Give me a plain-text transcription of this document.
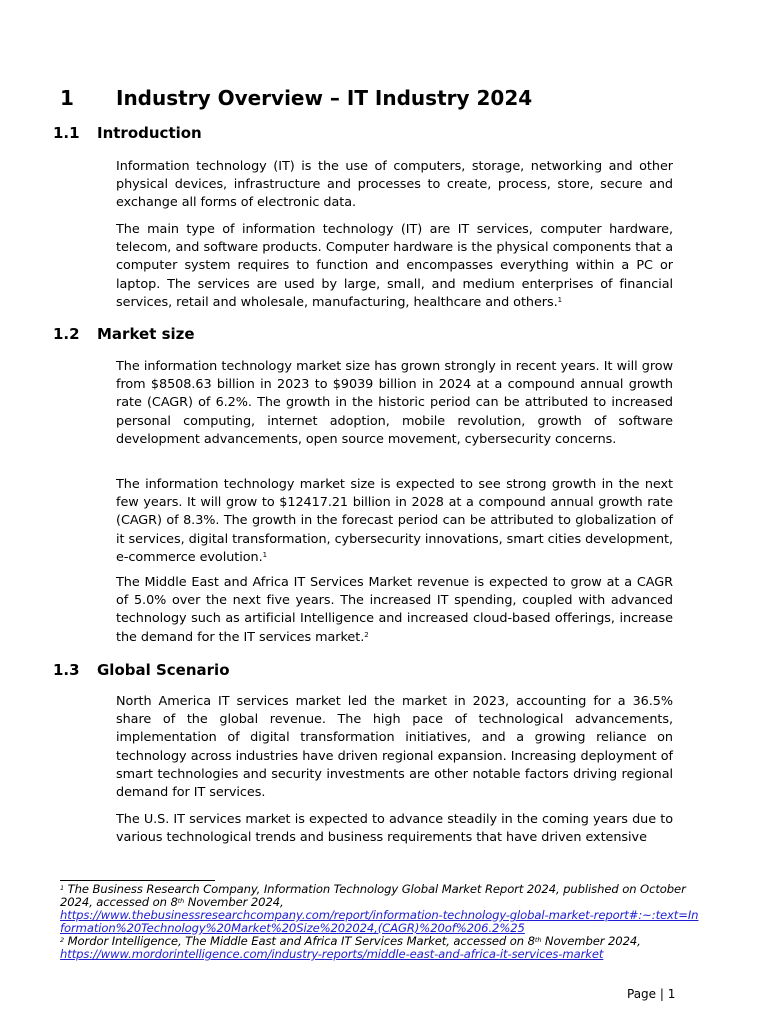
1 Industry Overview – IT Industry 2024
1.1 Introduction

Information technology (IT) is the use of computers, storage, networking and other physical devices, infrastructure and processes to create, process, store, secure and exchange all forms of electronic data.

The main type of information technology (IT) are IT services, computer hardware, telecom, and software products. Computer hardware is the physical components that a computer system requires to function and encompasses everything within a PC or laptop. The services are used by large, small, and medium enterprises of financial services, retail and wholesale, manufacturing, healthcare and others.$^1$

1.2 Market size

The information technology market size has grown strongly in recent years. It will grow from $8508.63 billion in 2023 to $9039 billion in 2024 at a compound annual growth rate (CAGR) of 6.2%. The growth in the historic period can be attributed to increased personal computing, internet adoption, mobile revolution, growth of software development advancements, open source movement, cybersecurity concerns.

The information technology market size is expected to see strong growth in the next few years. It will grow to $12417.21 billion in 2028 at a compound annual growth rate (CAGR) of 8.3%. The growth in the forecast period can be attributed to globalization of it services, digital transformation, cybersecurity innovations, smart cities development, e-commerce evolution.$^1$

The Middle East and Africa IT Services Market revenue is expected to grow at a CAGR of 5.0% over the next five years. The increased IT spending, coupled with advanced technology such as artificial Intelligence and increased cloud-based offerings, increase the demand for the IT services market.$^2$

1.3 Global Scenario

North America IT services market led the market in 2023, accounting for a 36.5% share of the global revenue. The high pace of technological advancements, implementation of digital transformation initiatives, and a growing reliance on technology across industries have driven regional expansion. Increasing deployment of smart technologies and security investments are other notable factors driving regional demand for IT services.

The U.S. IT services market is expected to advance steadily in the coming years due to various technological trends and business requirements that have driven extensive

$^1$ The Business Research Company, Information Technology Global Market Report 2024, published on October 2024, accessed on 8th November 2024,
https://www.thebusinessresearchcompany.com/report/information-technology-global-market-report#:~:text=Information%20Technology%20Market%20Size%202024,(CAGR)%20of%206.2%25

$^2$ Mordor Intelligence, The Middle East and Africa IT Services Market, accessed on 8th November 2024,
https://www.mordorintelligence.com/industry-reports/middle-east-and-africa-it-services-market

Page | 1
